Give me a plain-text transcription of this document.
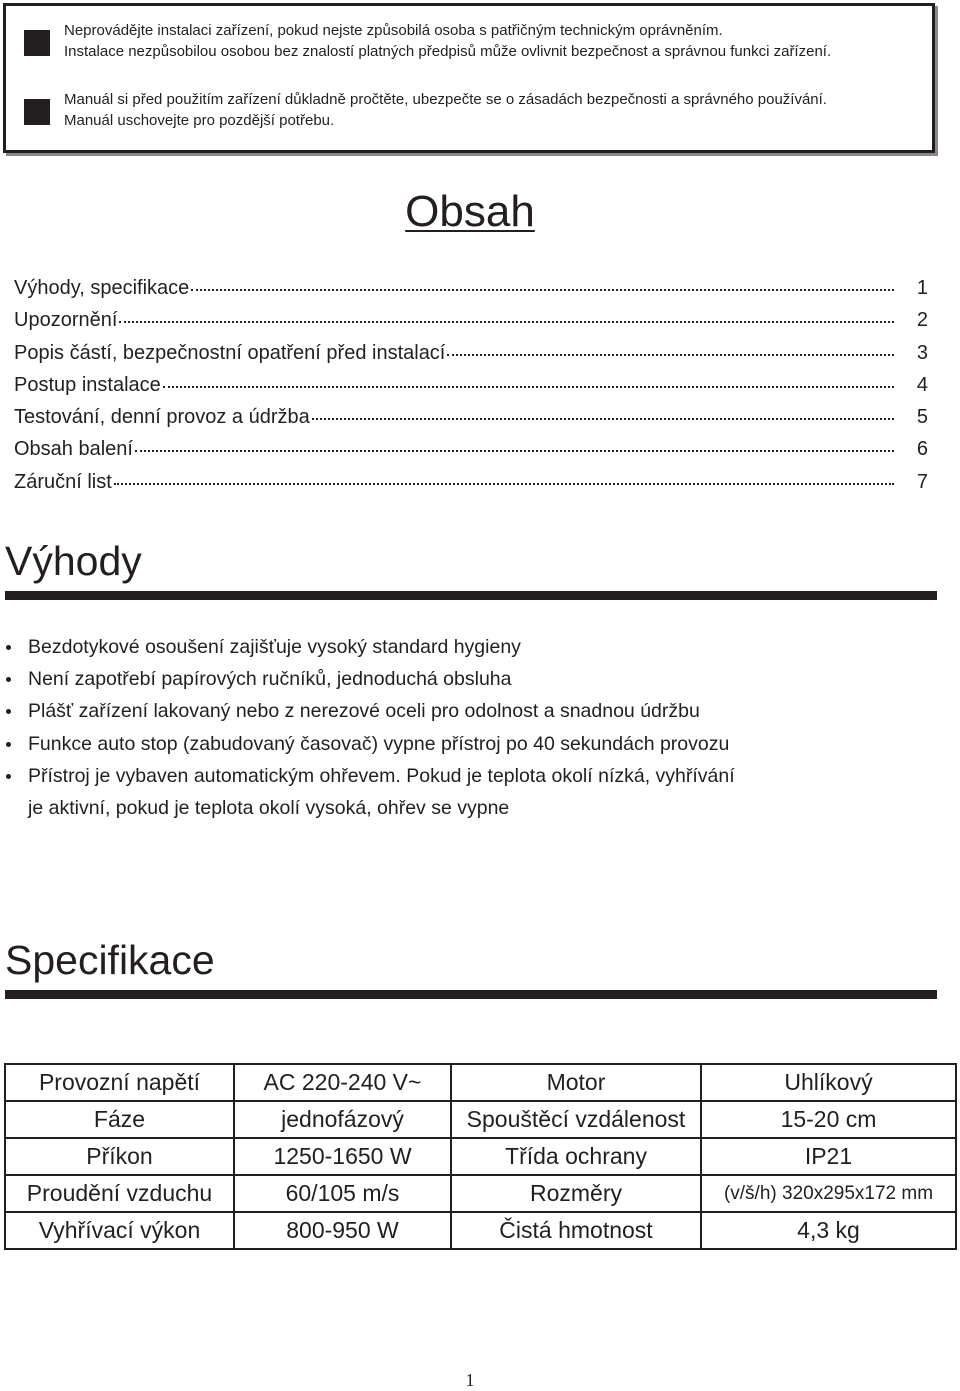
Neprovádějte instalaci zařízení, pokud nejste způsobilá osoba s patřičným technickým oprávněním.
Instalace nezpůsobilou osobou bez znalostí platných předpisů může ovlivnit bezpečnost a správnou funkci zařízení.
Manuál si před použitím zařízení důkladně pročtěte, ubezpečte se o zásadách bezpečnosti a správného používání.
Manuál uschovejte pro pozdější potřebu.
Obsah
Výhody, specifikace	1
Upozornění	2
Popis částí, bezpečnostní opatření před instalací	3
Postup instalace	4
Testování, denní provoz a údržba	5
Obsah balení	6
Záruční list	7
Výhody
Bezdotykové osoušení zajišťuje vysoký standard hygieny
Není zapotřebí papírových ručníků, jednoduchá obsluha
Plášť zařízení lakovaný nebo z nerezové oceli pro odolnost a snadnou údržbu
Funkce auto stop (zabudovaný časovač) vypne přístroj po 40 sekundách provozu
Přístroj je vybaven automatickým ohřevem. Pokud je teplota okolí nízká, vyhřívání
je aktivní, pokud je teplota okolí vysoká, ohřev se vypne
Specifikace
Provozní napětí	AC 220-240 V~	Motor	Uhlíkový
Fáze	jednofázový	Spouštěcí vzdálenost	15-20 cm
Příkon	1250-1650 W	Třída ochrany	IP21
Proudění vzduchu	60/105 m/s	Rozměry	(v/š/h) 320x295x172 mm
Vyhřívací výkon	800-950 W	Čistá hmotnost	4,3 kg
1
